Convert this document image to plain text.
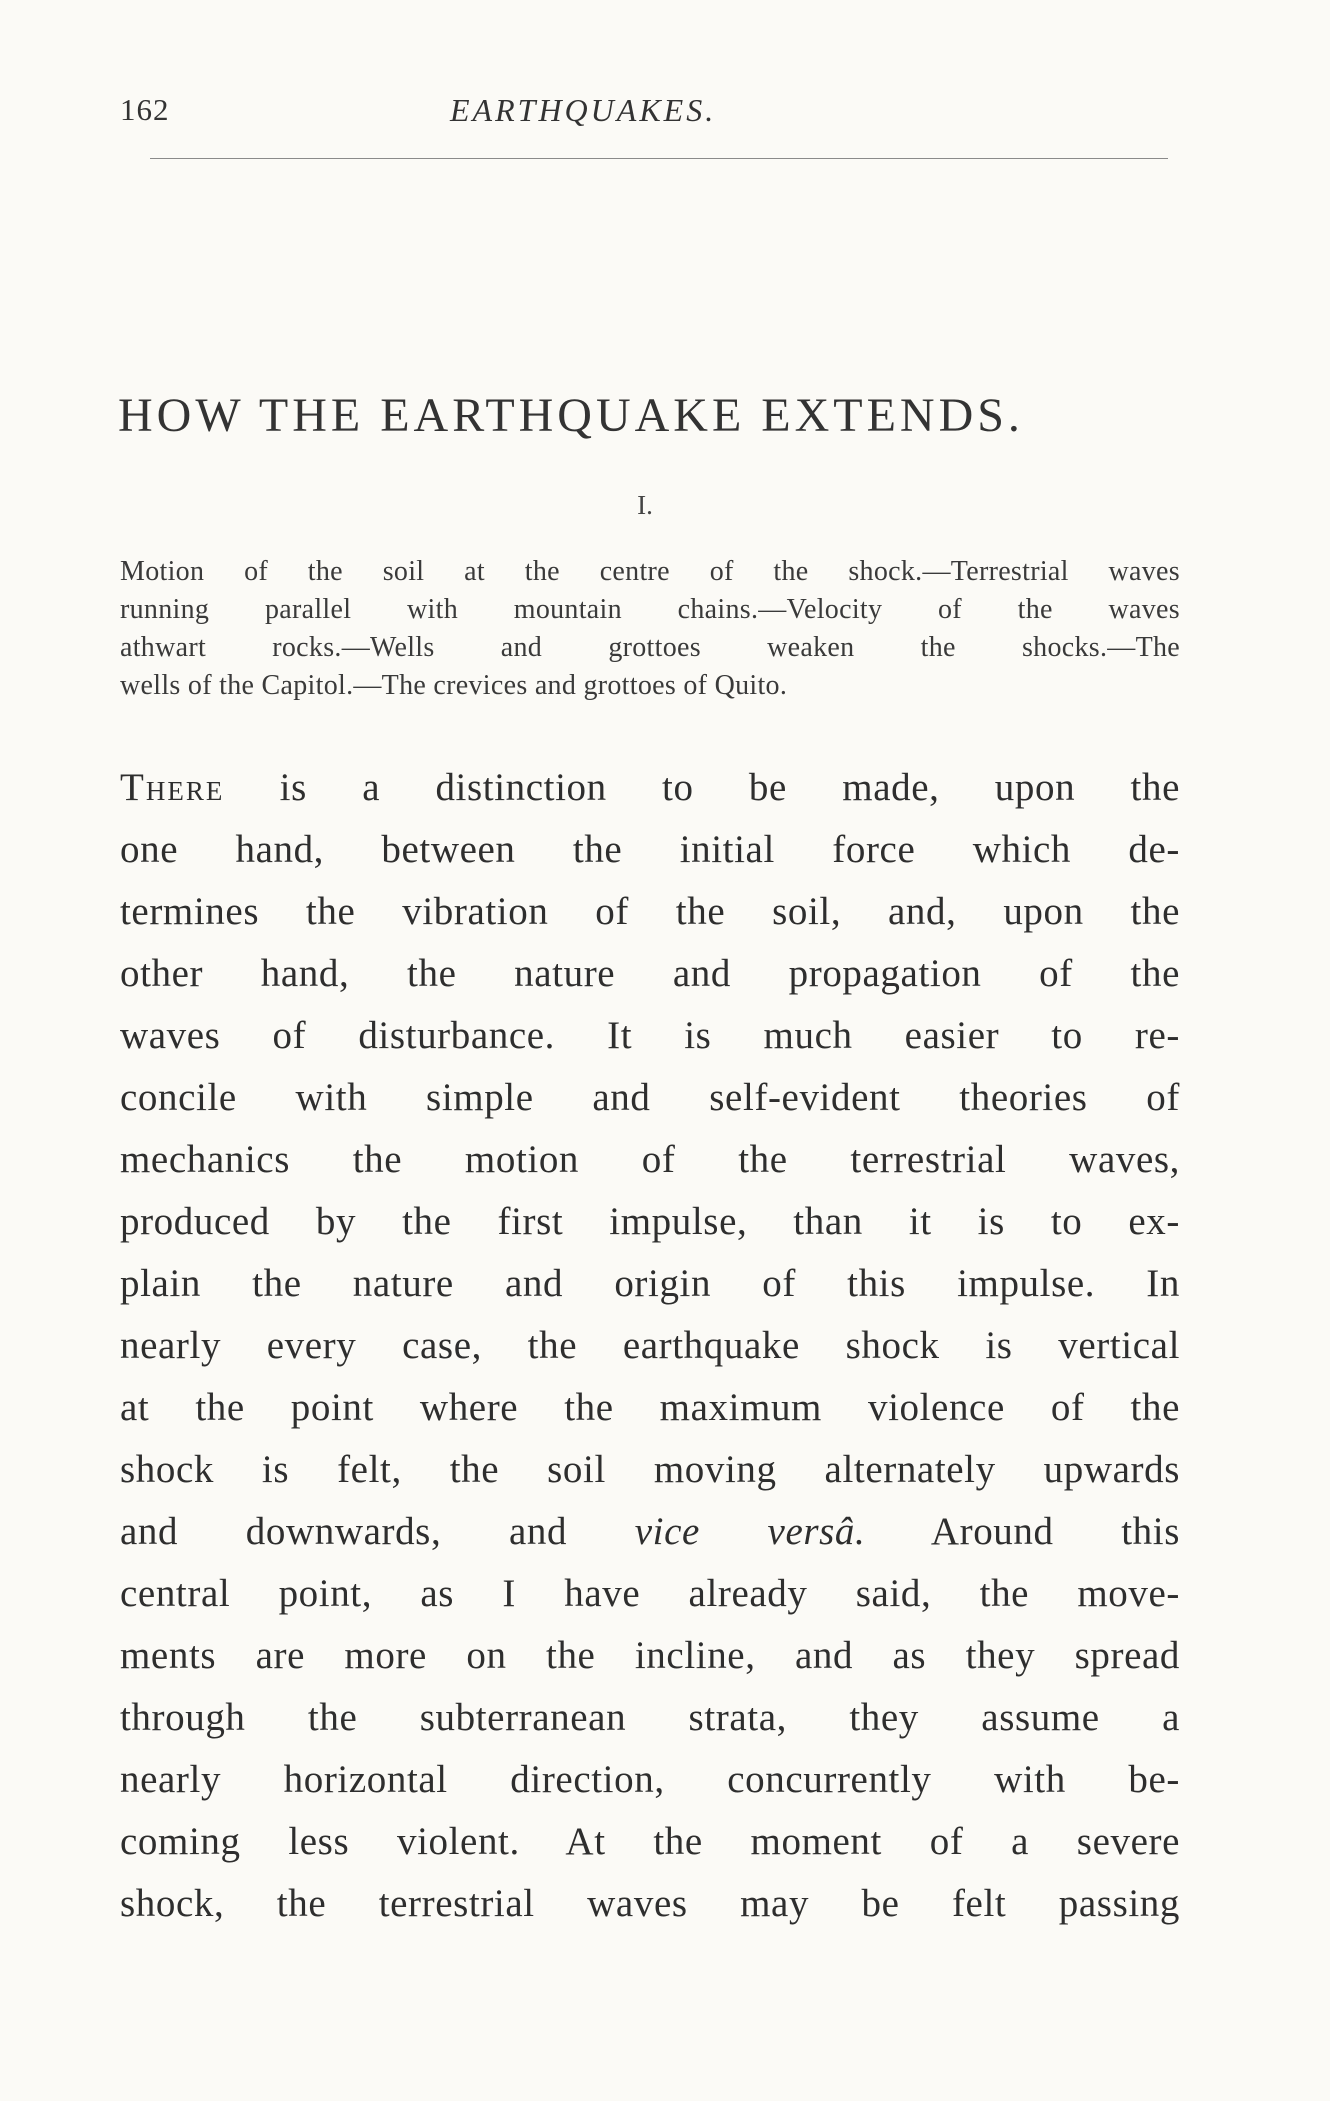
162	EARTHQUAKES.
HOW THE EARTHQUAKE EXTENDS.
I.
Motion of the soil at the centre of the shock.—Terrestrial waves
running parallel with mountain chains.—Velocity of the waves
athwart rocks.—Wells and grottoes weaken the shocks.—The
wells of the Capitol.—The crevices and grottoes of Quito.
There is a distinction to be made, upon the
one hand, between the initial force which de-
termines the vibration of the soil, and, upon the
other hand, the nature and propagation of the
waves of disturbance. It is much easier to re-
concile with simple and self-evident theories of
mechanics the motion of the terrestrial waves,
produced by the first impulse, than it is to ex-
plain the nature and origin of this impulse. In
nearly every case, the earthquake shock is vertical
at the point where the maximum violence of the
shock is felt, the soil moving alternately upwards
and downwards, and vice versâ. Around this
central point, as I have already said, the move-
ments are more on the incline, and as they spread
through the subterranean strata, they assume a
nearly horizontal direction, concurrently with be-
coming less violent. At the moment of a severe
shock, the terrestrial waves may be felt passing
